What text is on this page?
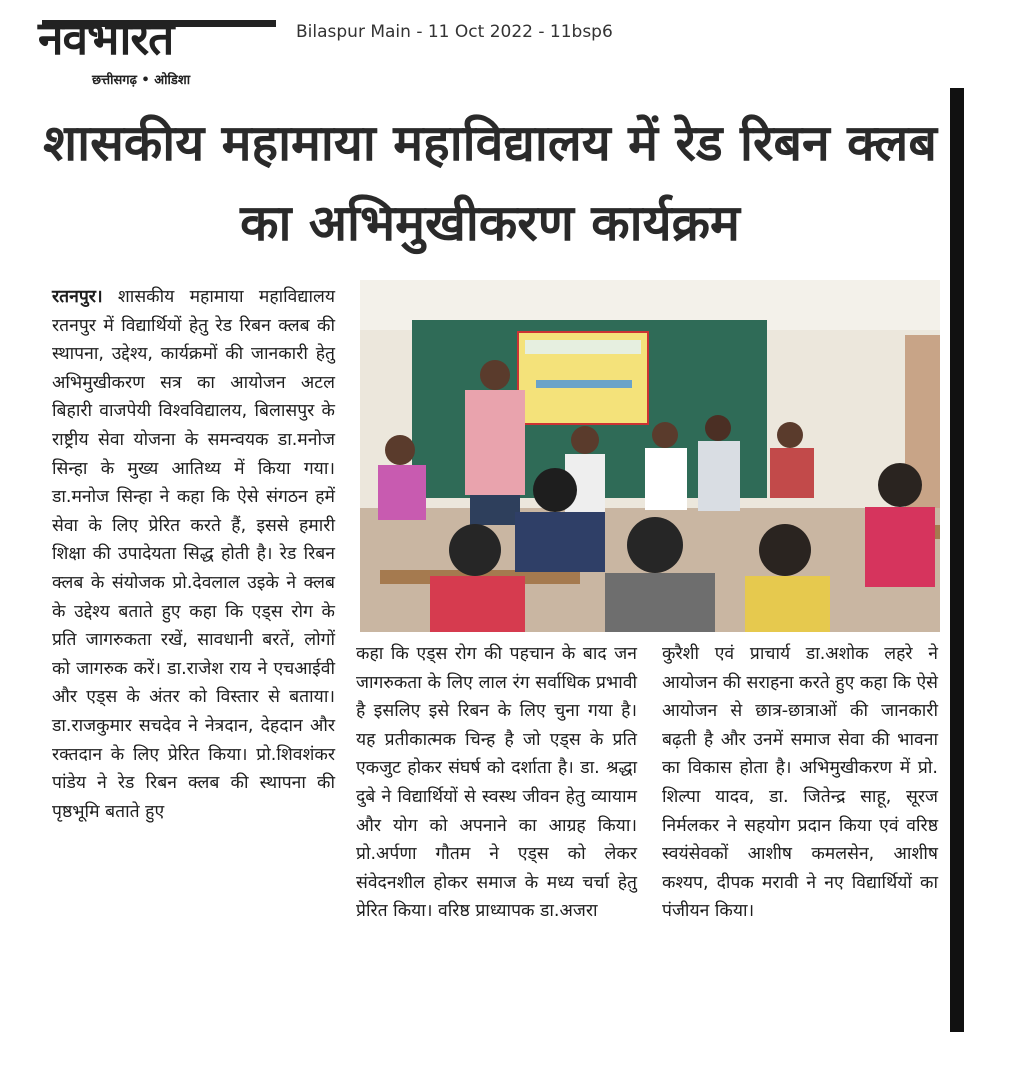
नवभारत
छत्तीसगढ़ • ओडिशा
Bilaspur Main - 11 Oct 2022 - 11bsp6
शासकीय महामाया महाविद्यालय में रेड रिबन क्लब का अभिमुखीकरण कार्यक्रम

रतनपुर। शासकीय महामाया महाविद्यालय रतनपुर में विद्यार्थियों हेतु रेड रिबन क्लब की स्थापना, उद्देश्य, कार्यक्रमों की जानकारी हेतु अभिमुखीकरण सत्र का आयोजन अटल बिहारी वाजपेयी विश्वविद्यालय, बिलासपुर के राष्ट्रीय सेवा योजना के समन्वयक डा.मनोज सिन्हा के मुख्य आतिथ्य में किया गया। डा.मनोज सिन्हा ने कहा कि ऐसे संगठन हमें सेवा के लिए प्रेरित करते हैं, इससे हमारी शिक्षा की उपादेयता सिद्ध होती है। रेड रिबन क्लब के संयोजक प्रो.देवलाल उइके ने क्लब के उद्देश्य बताते हुए कहा कि एड्स रोग के प्रति जागरुकता रखें, सावधानी बरतें, लोगों को जागरुक करें। डा.राजेश राय ने एचआईवी और एड्स के अंतर को विस्तार से बताया। डा.राजकुमार सचदेव ने नेत्रदान, देहदान और रक्तदान के लिए प्रेरित किया। प्रो.शिवशंकर पांडेय ने रेड रिबन क्लब की स्थापना की पृष्ठभूमि बताते हुए

कहा कि एड्स रोग की पहचान के बाद जन जागरुकता के लिए लाल रंग सर्वाधिक प्रभावी है इसलिए इसे रिबन के लिए चुना गया है। यह प्रतीकात्मक चिन्ह है जो एड्स के प्रति एकजुट होकर संघर्ष को दर्शाता है। डा. श्रद्धा दुबे ने विद्यार्थियों से स्वस्थ जीवन हेतु व्यायाम और योग को अपनाने का आग्रह किया। प्रो.अर्पणा गौतम ने एड्स को लेकर संवेदनशील होकर समाज के मध्य चर्चा हेतु प्रेरित किया। वरिष्ठ प्राध्यापक डा.अजरा

कुरैशी एवं प्राचार्य डा.अशोक लहरे ने आयोजन की सराहना करते हुए कहा कि ऐसे आयोजन से छात्र-छात्राओं की जानकारी बढ़ती है और उनमें समाज सेवा की भावना का विकास होता है। अभिमुखीकरण में प्रो. शिल्पा यादव, डा. जितेन्द्र साहू, सूरज निर्मलकर ने सहयोग प्रदान किया एवं वरिष्ठ स्वयंसेवकों आशीष कमलसेन, आशीष कश्यप, दीपक मरावी ने नए विद्यार्थियों का पंजीयन किया।
